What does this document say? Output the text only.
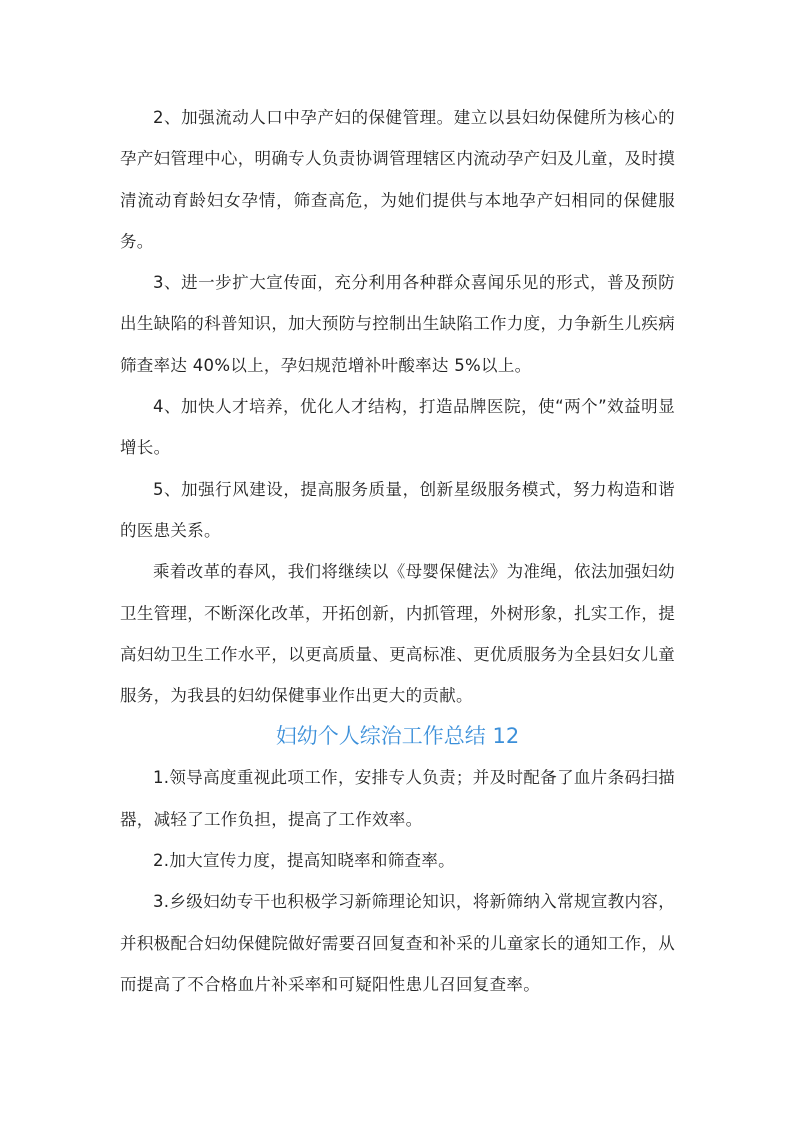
2、加强流动人口中孕产妇的保健管理。建立以县妇幼保健所为核心的孕产妇管理中心，明确专人负责协调管理辖区内流动孕产妇及儿童，及时摸清流动育龄妇女孕情，筛查高危，为她们提供与本地孕产妇相同的保健服务。

3、进一步扩大宣传面，充分利用各种群众喜闻乐见的形式，普及预防出生缺陷的科普知识，加大预防与控制出生缺陷工作力度，力争新生儿疾病筛查率达 40%以上，孕妇规范增补叶酸率达 5%以上。

4、加快人才培养，优化人才结构，打造品牌医院，使“两个”效益明显增长。

5、加强行风建设，提高服务质量，创新星级服务模式，努力构造和谐的医患关系。

乘着改革的春风，我们将继续以《母婴保健法》为准绳，依法加强妇幼卫生管理，不断深化改革，开拓创新，内抓管理，外树形象，扎实工作，提高妇幼卫生工作水平，以更高质量、更高标准、更优质服务为全县妇女儿童服务，为我县的妇幼保健事业作出更大的贡献。

妇幼个人综治工作总结 12

1.领导高度重视此项工作，安排专人负责；并及时配备了血片条码扫描器，减轻了工作负担，提高了工作效率。

2.加大宣传力度，提高知晓率和筛查率。

3.乡级妇幼专干也积极学习新筛理论知识，将新筛纳入常规宣教内容，并积极配合妇幼保健院做好需要召回复查和补采的儿童家长的通知工作，从而提高了不合格血片补采率和可疑阳性患儿召回复查率。
